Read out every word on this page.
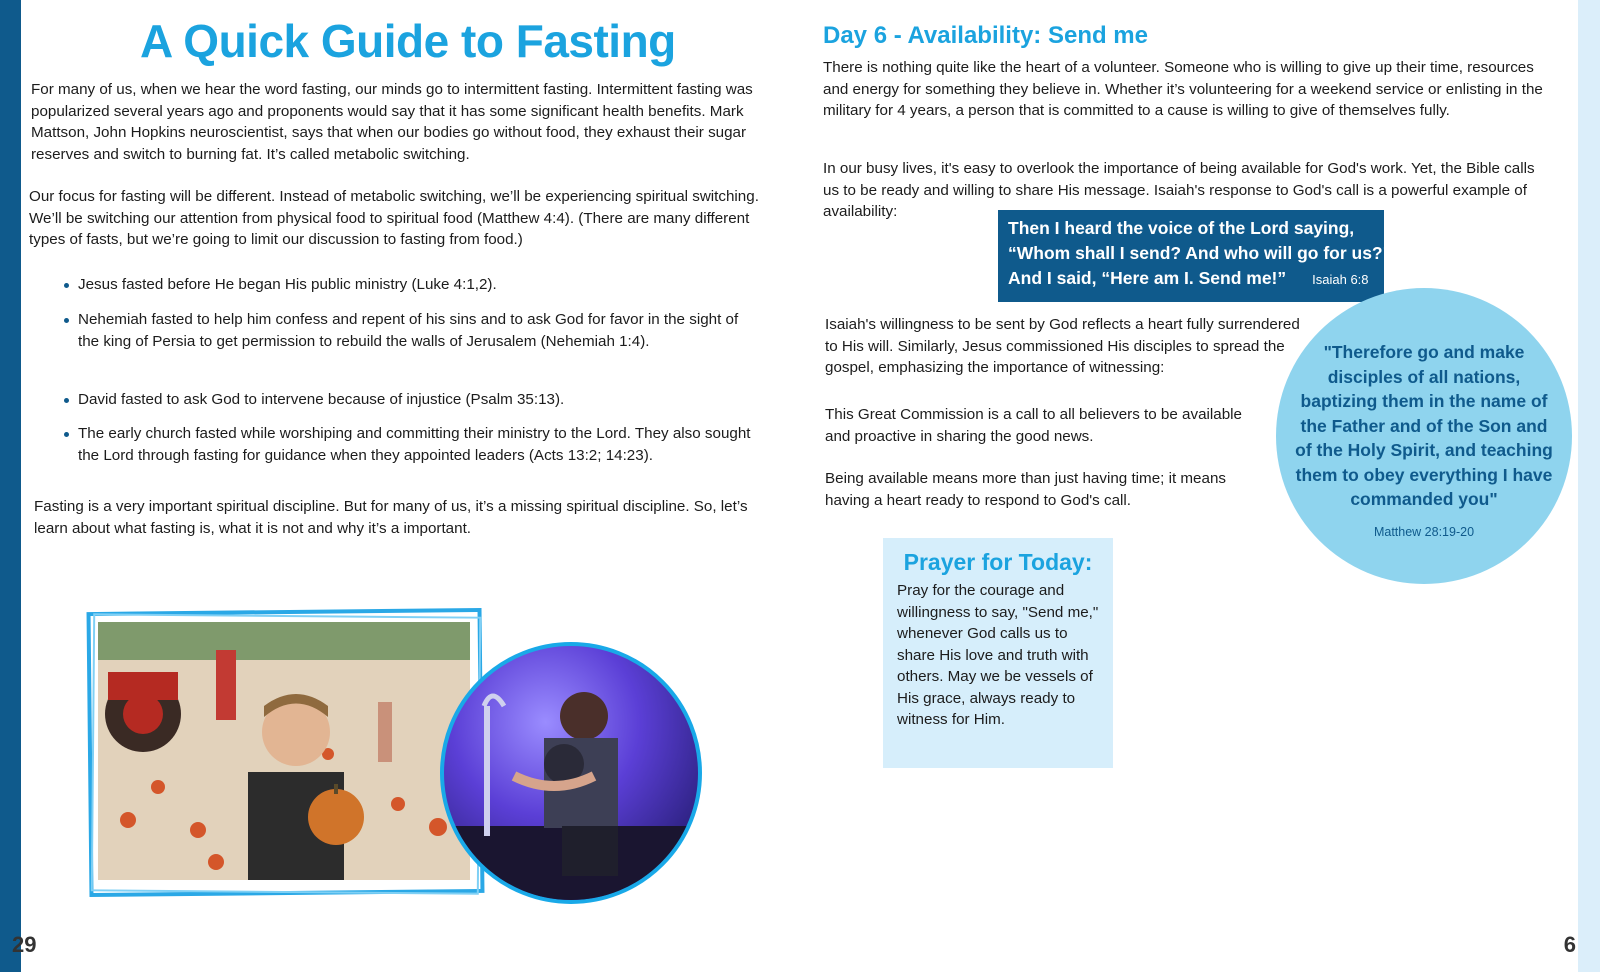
A Quick Guide to Fasting

For many of us, when we hear the word fasting, our minds go to intermittent fasting. Intermittent fasting was popularized several years ago and proponents would say that it has some significant health benefits. Mark Mattson, John Hopkins neuroscientist, says that when our bodies go without food, they exhaust their sugar reserves and switch to burning fat. It’s called metabolic switching.

Our focus for fasting will be different. Instead of metabolic switching, we’ll be experiencing spiritual switching. We’ll be switching our attention from physical food to spiritual food (Matthew 4:4). (There are many different types of fasts, but we’re going to limit our discussion to fasting from food.)

Jesus fasted before He began His public ministry (Luke 4:1,2).
Nehemiah fasted to help him confess and repent of his sins and to ask God for favor in the sight of the king of Persia to get permission to rebuild the walls of Jerusalem (Nehemiah 1:4).
David fasted to ask God to intervene because of injustice (Psalm 35:13).
The early church fasted while worshiping and committing their ministry to the Lord. They also sought the Lord through fasting for guidance when they appointed leaders (Acts 13:2; 14:23).

Fasting is a very important spiritual discipline. But for many of us, it’s a missing spiritual discipline. So, let’s learn about what fasting is, what it is not and why it’s a important.

29
Day 6 - Availability: Send me

There is nothing quite like the heart of a volunteer. Someone who is willing to give up their time, resources and energy for something they believe in. Whether it’s volunteering for a weekend service or enlisting in the military for 4 years, a person that is committed to a cause is willing to give of themselves fully.

In our busy lives, it's easy to overlook the importance of being available for God's work. Yet, the Bible calls us to be ready and willing to share His message. Isaiah's response to God's call is a powerful example of availability:

Then I heard the voice of the Lord saying,
“Whom shall I send? And who will go for us?”
And I said, “Here am I. Send me!” Isaiah 6:8

Isaiah's willingness to be sent by God reflects a heart fully surrendered to His will. Similarly, Jesus commissioned His disciples to spread the gospel, emphasizing the importance of witnessing:

This Great Commission is a call to all believers to be available and proactive in sharing the good news.

Being available means more than just having time; it means having a heart ready to respond to God's call.

"Therefore go and make disciples of all nations, baptizing them in the name of the Father and of the Son and of the Holy Spirit, and teaching them to obey everything I have commanded you"
Matthew 28:19-20
Prayer for Today:
Pray for the courage and willingness to say, "Send me," whenever God calls us to share His love and truth with others. May we be vessels of His grace, always ready to witness for Him.
6
